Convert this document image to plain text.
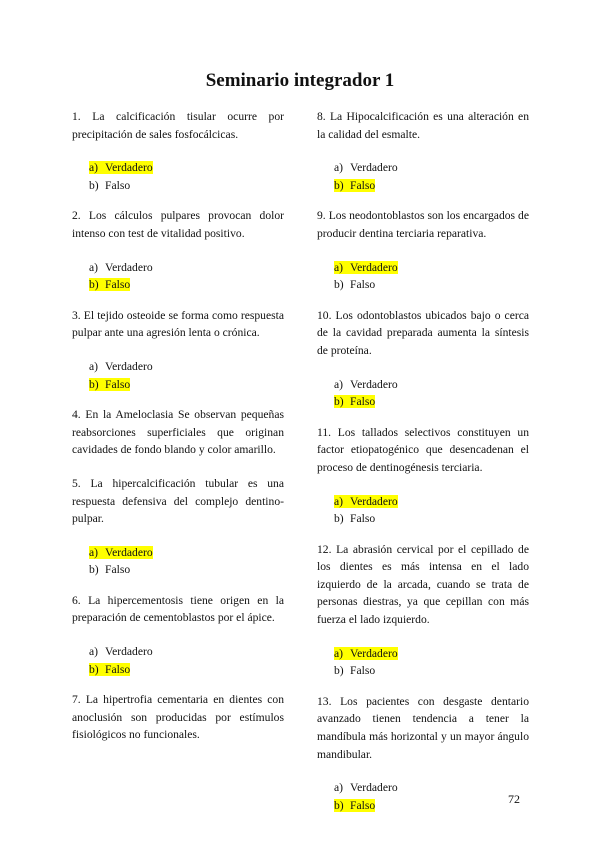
Seminario integrador 1

1. La calcificación tisular ocurre por precipitación de sales fosfocálcicas.

a) Verdadero
b) Falso

2. Los cálculos pulpares provocan dolor intenso con test de vitalidad positivo.

a) Verdadero
b) Falso

3. El tejido osteoide se forma como respuesta pulpar ante una agresión lenta o crónica.

a) Verdadero
b) Falso

4. En la Ameloclasia Se observan pequeñas reabsorciones superficiales que originan cavidades de fondo blando y color amarillo.

5. La hipercalcificación tubular es una respuesta defensiva del complejo dentino-pulpar.

a) Verdadero
b) Falso

6. La hipercementosis tiene origen en la preparación de cementoblastos por el ápice.

a) Verdadero
b) Falso

7. La hipertrofia cementaria en dientes con anoclusión son producidas por estímulos fisiológicos no funcionales.

8. La Hipocalcificación es una alteración en la calidad del esmalte.

a) Verdadero
b) Falso

9. Los neodontoblastos son los encargados de producir dentina terciaria reparativa.

a) Verdadero
b) Falso

10. Los odontoblastos ubicados bajo o cerca de la cavidad preparada aumenta la síntesis de proteína.

a) Verdadero
b) Falso

11. Los tallados selectivos constituyen un factor etiopatogénico que desencadenan el proceso de dentinogénesis terciaria.

a) Verdadero
b) Falso

12. La abrasión cervical por el cepillado de los dientes es más intensa en el lado izquierdo de la arcada, cuando se trata de personas diestras, ya que cepillan con más fuerza el lado izquierdo.

a) Verdadero
b) Falso

13. Los pacientes con desgaste dentario avanzado tienen tendencia a tener la mandíbula más horizontal y un mayor ángulo mandibular.

a) Verdadero
b) Falso	72
